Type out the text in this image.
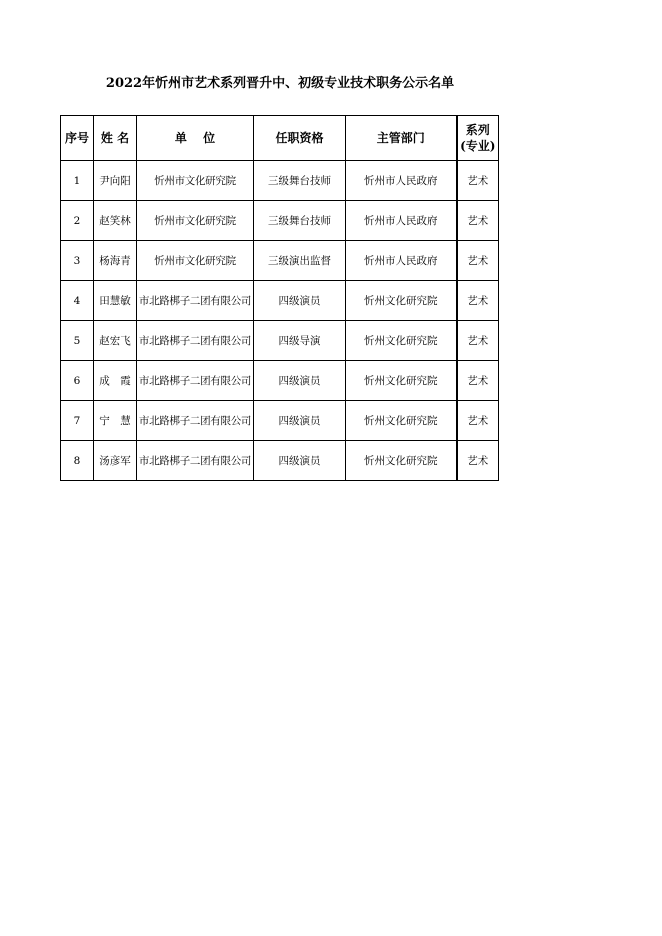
2022年忻州市艺术系列晋升中、初级专业技术职务公示名单
序号	姓 名	单　 位	任职资格	主管部门	系列
(专业)

1	尹向阳	忻州市文化研究院	三级舞台技师	忻州市人民政府	艺术
2	赵笑林	忻州市文化研究院	三级舞台技师	忻州市人民政府	艺术
3	杨海青	忻州市文化研究院	三级演出监督	忻州市人民政府	艺术
4	田慧敏	市北路梆子二团有限公司	四级演员	忻州文化研究院	艺术
5	赵宏飞	市北路梆子二团有限公司	四级导演	忻州文化研究院	艺术
6	成　霞	市北路梆子二团有限公司	四级演员	忻州文化研究院	艺术
7	宁　慧	市北路梆子二团有限公司	四级演员	忻州文化研究院	艺术
8	汤彦军	市北路梆子二团有限公司	四级演员	忻州文化研究院	艺术
